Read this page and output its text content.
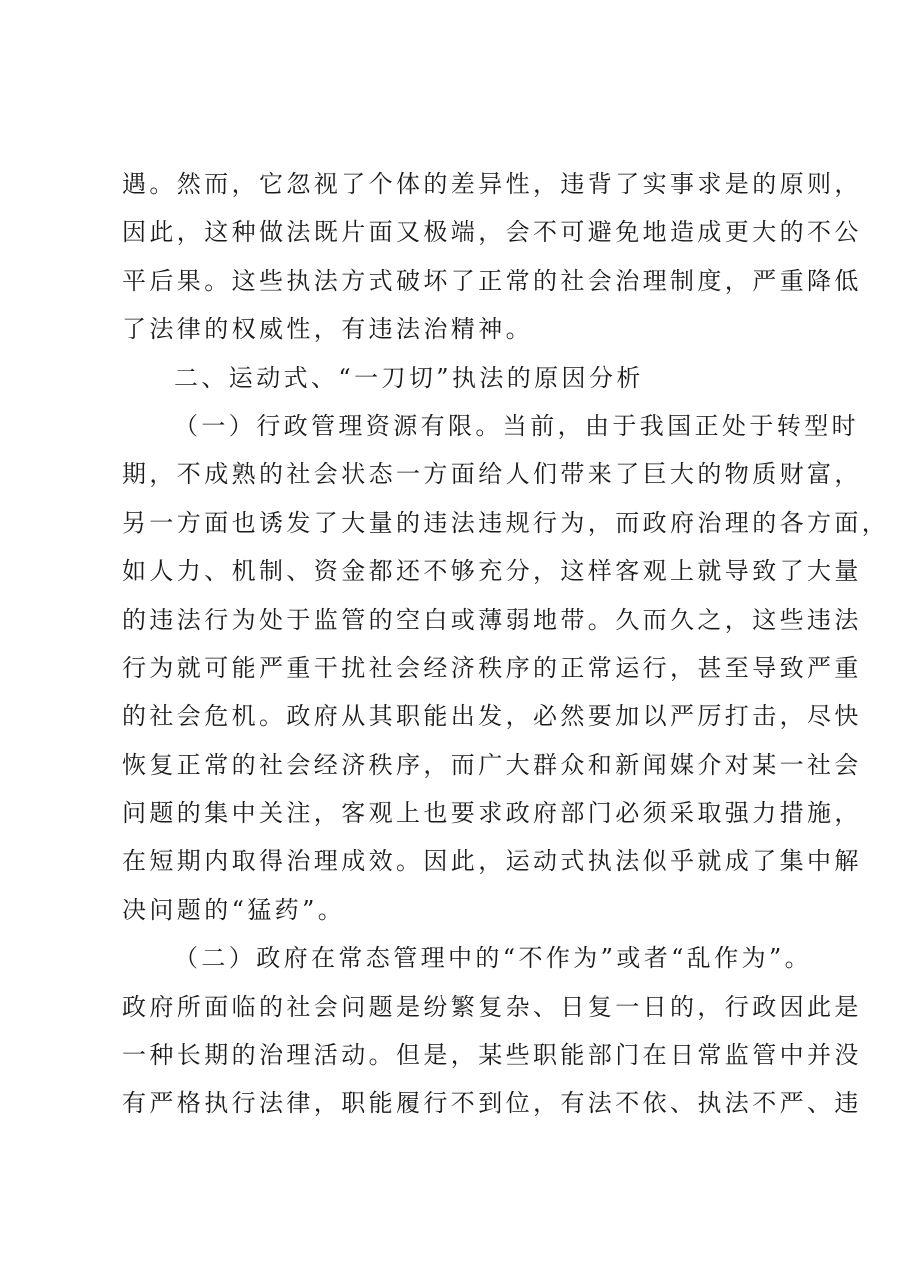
遇。然而，它忽视了个体的差异性，违背了实事求是的原则，
因此，这种做法既片面又极端，会不可避免地造成更大的不公
平后果。这些执法方式破坏了正常的社会治理制度，严重降低
了法律的权威性，有违法治精神。
二、运动式、“一刀切”执法的原因分析
（一）行政管理资源有限。当前，由于我国正处于转型时
期，不成熟的社会状态一方面给人们带来了巨大的物质财富，
另一方面也诱发了大量的违法违规行为，而政府治理的各方面，
如人力、机制、资金都还不够充分，这样客观上就导致了大量
的违法行为处于监管的空白或薄弱地带。久而久之，这些违法
行为就可能严重干扰社会经济秩序的正常运行，甚至导致严重
的社会危机。政府从其职能出发，必然要加以严厉打击，尽快
恢复正常的社会经济秩序，而广大群众和新闻媒介对某一社会
问题的集中关注，客观上也要求政府部门必须采取强力措施，
在短期内取得治理成效。因此，运动式执法似乎就成了集中解
决问题的“猛药”。
（二）政府在常态管理中的“不作为”或者“乱作为”。
政府所面临的社会问题是纷繁复杂、日复一日的，行政因此是
一种长期的治理活动。但是，某些职能部门在日常监管中并没
有严格执行法律，职能履行不到位，有法不依、执法不严、违
